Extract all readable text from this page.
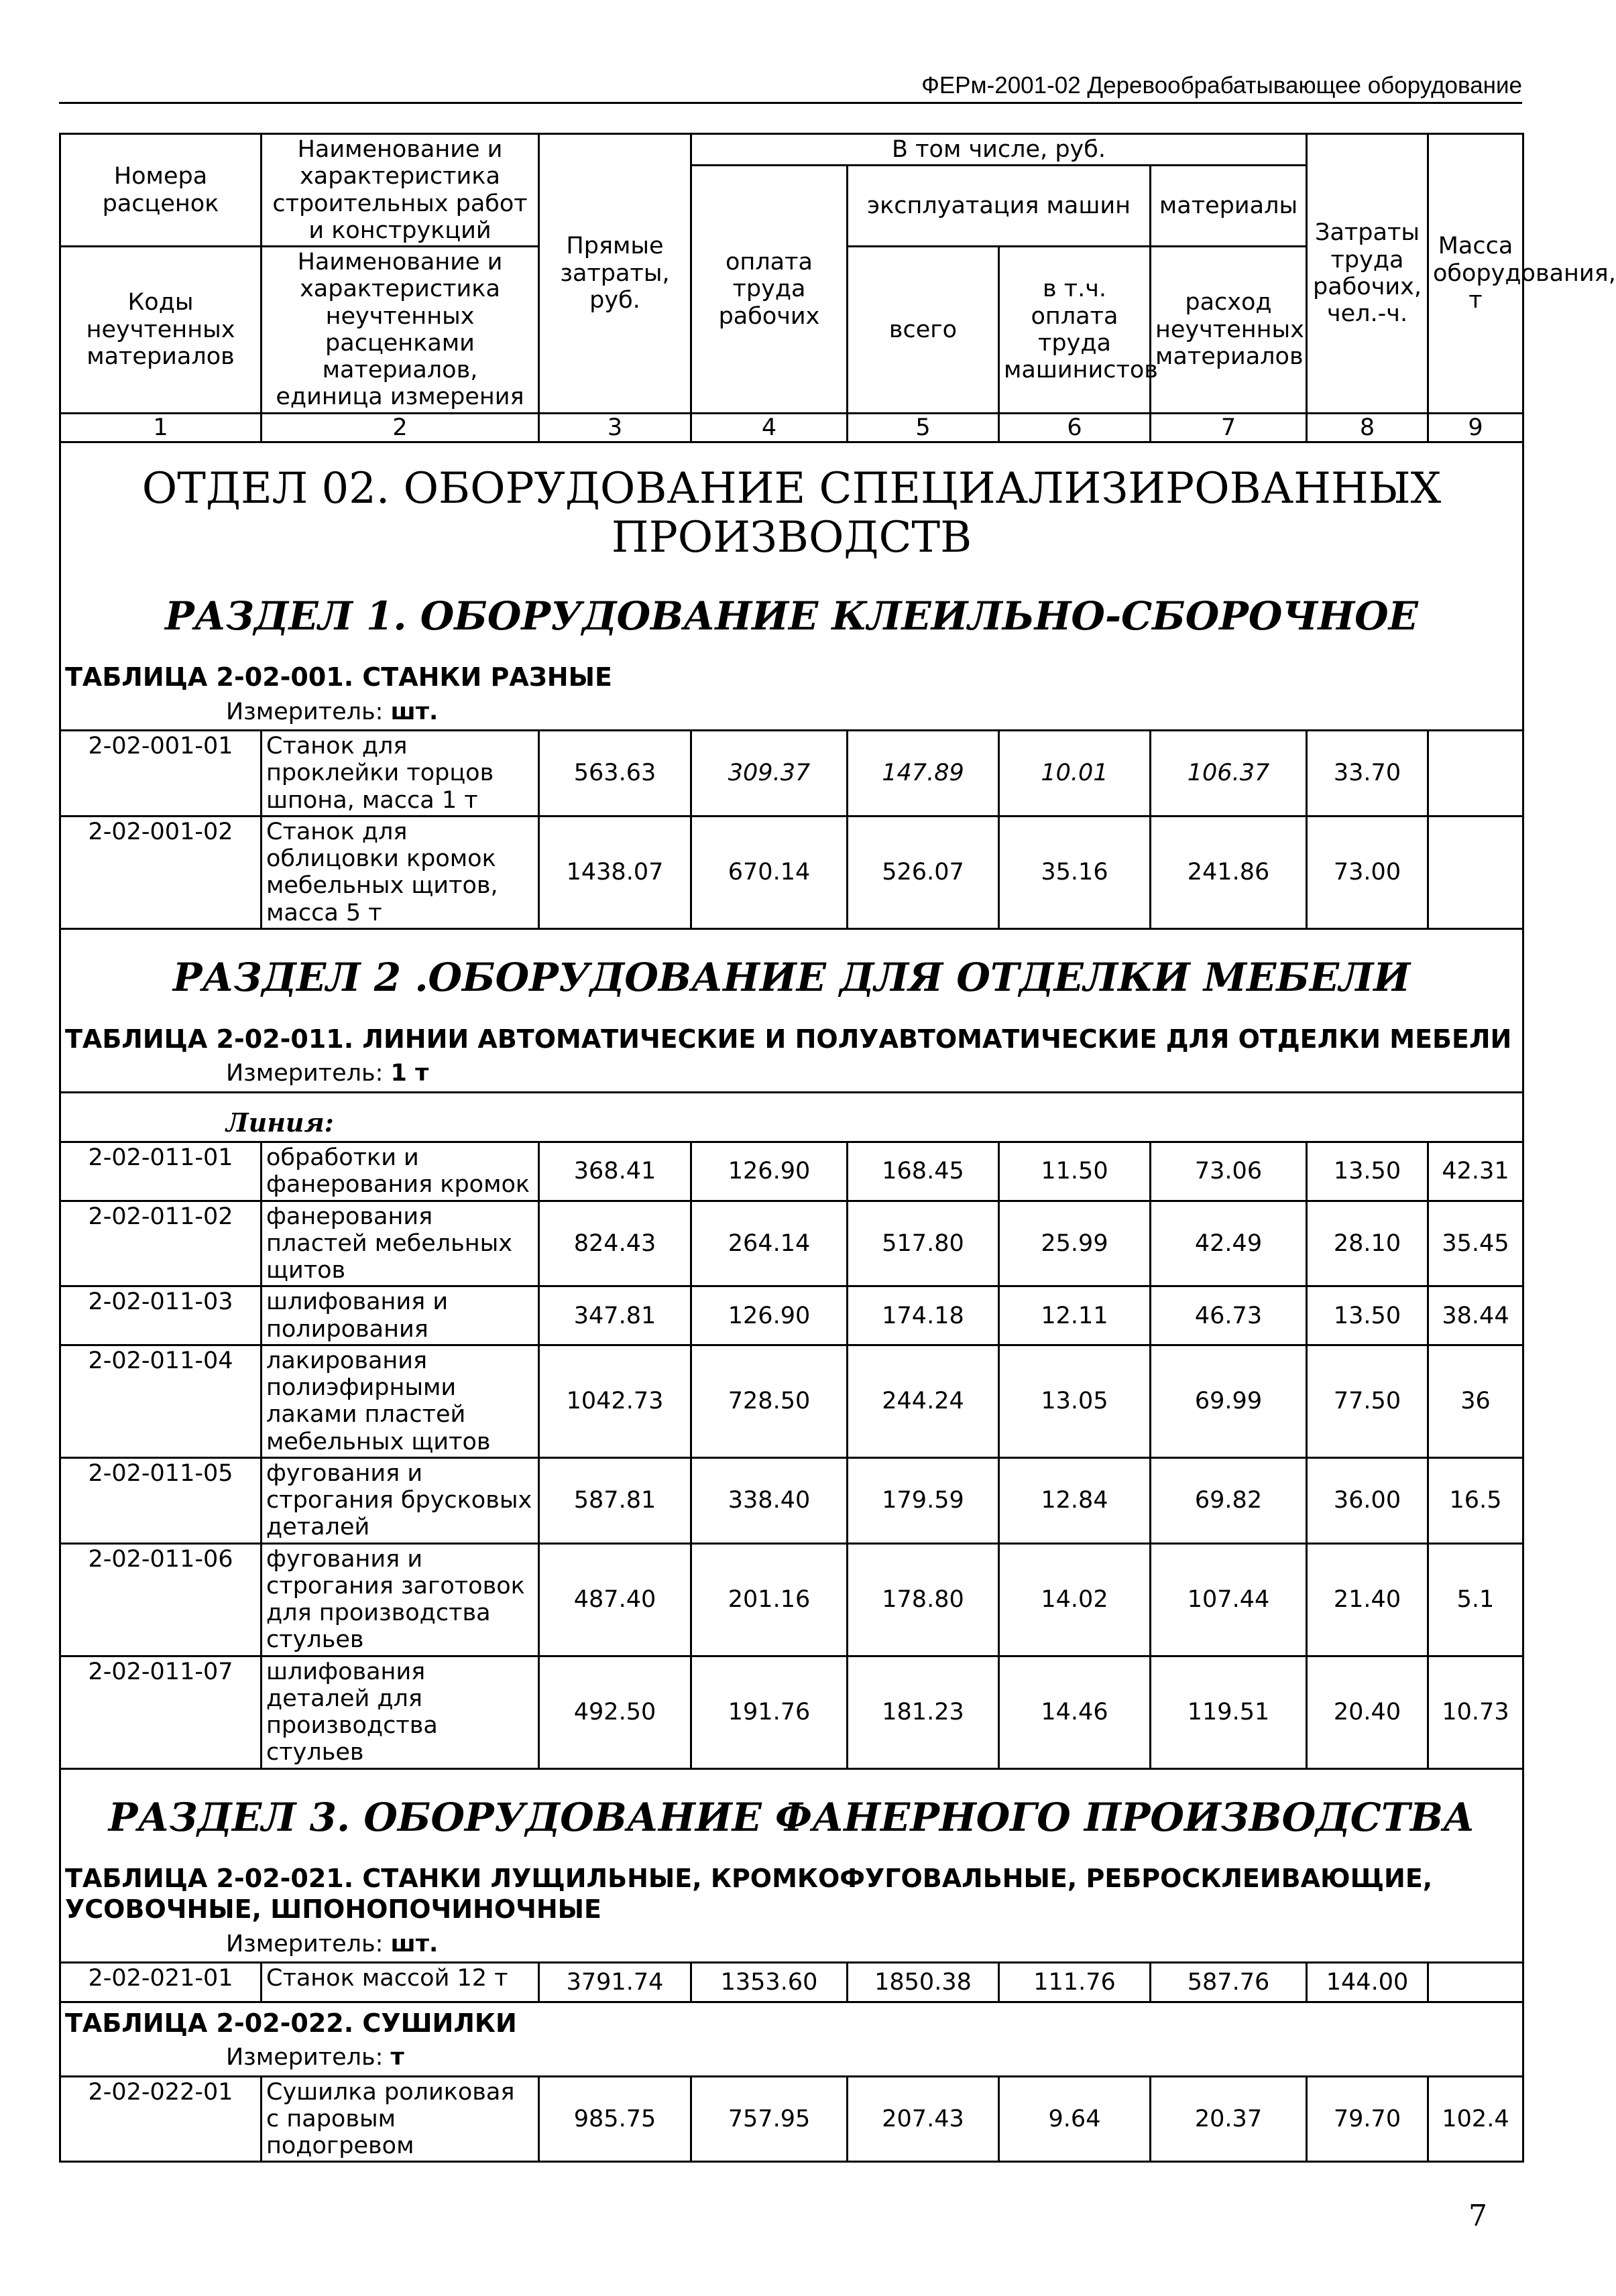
ФЕРм-2001-02 Деревообрабатывающее оборудование
Номера расценок	Наименование и характеристика строительных работ и конструкций	Прямые затраты, руб.	В том числе, руб.				Затраты труда рабочих, чел.-ч.	Масса оборудования, т
			оплата труда рабочих	эксплуатация машин		материалы		
Коды неучтенных материалов	Наименование и характеристика неучтенных расценками материалов, единица измерения			всего	в т.ч. оплата труда машинистов	расход неучтенных материалов		

1	2	3	4	5	6	7	8	9

ОТДЕЛ 02. ОБОРУДОВАНИЕ СПЕЦИАЛИЗИРОВАННЫХ ПРОИЗВОДСТВ
РАЗДЕЛ 1. ОБОРУДОВАНИЕ КЛЕИЛЬНО-СБОРОЧНОЕ
ТАБЛИЦА 2-02-001. СТАНКИ РАЗНЫЕ
Измеритель: шт.								

2-02-001-01	Станок для проклейки торцов шпона, масса 1 т	563.63	309.37	147.89	10.01	106.37	33.70	
2-02-001-02	Станок для облицовки кромок мебельных щитов, масса 5 т	1438.07	670.14	526.07	35.16	241.86	73.00	

РАЗДЕЛ 2 .ОБОРУДОВАНИЕ ДЛЯ ОТДЕЛКИ МЕБЕЛИ
ТАБЛИЦА 2-02-011. ЛИНИИ АВТОМАТИЧЕСКИЕ И ПОЛУАВТОМАТИЧЕСКИЕ ДЛЯ ОТДЕЛКИ МЕБЕЛИ
Измеритель: 1 т								

Линия:								

2-02-011-01	обработки и фанерования кромок	368.41	126.90	168.45	11.50	73.06	13.50	42.31
2-02-011-02	фанерования пластей мебельных щитов	824.43	264.14	517.80	25.99	42.49	28.10	35.45
2-02-011-03	шлифования и полирования	347.81	126.90	174.18	12.11	46.73	13.50	38.44
2-02-011-04	лакирования полиэфирными лаками пластей мебельных щитов	1042.73	728.50	244.24	13.05	69.99	77.50	36
2-02-011-05	фугования и строгания брусковых деталей	587.81	338.40	179.59	12.84	69.82	36.00	16.5
2-02-011-06	фугования и строгания заготовок для производства стульев	487.40	201.16	178.80	14.02	107.44	21.40	5.1
2-02-011-07	шлифования деталей для производства стульев	492.50	191.76	181.23	14.46	119.51	20.40	10.73

РАЗДЕЛ 3. ОБОРУДОВАНИЕ ФАНЕРНОГО ПРОИЗВОДСТВА
ТАБЛИЦА 2-02-021. СТАНКИ ЛУЩИЛЬНЫЕ, КРОМКОФУГОВАЛЬНЫЕ, РЕБРОСКЛЕИВАЮЩИЕ, УСОВОЧНЫЕ, ШПОНОПОЧИНОЧНЫЕ
Измеритель: шт.								

2-02-021-01	Станок массой 12 т	3791.74	1353.60	1850.38	111.76	587.76	144.00	

ТАБЛИЦА 2-02-022. СУШИЛКИ
Измеритель: т								

2-02-022-01	Сушилка роликовая с паровым подогревом	985.75	757.95	207.43	9.64	20.37	79.70	102.4
7
